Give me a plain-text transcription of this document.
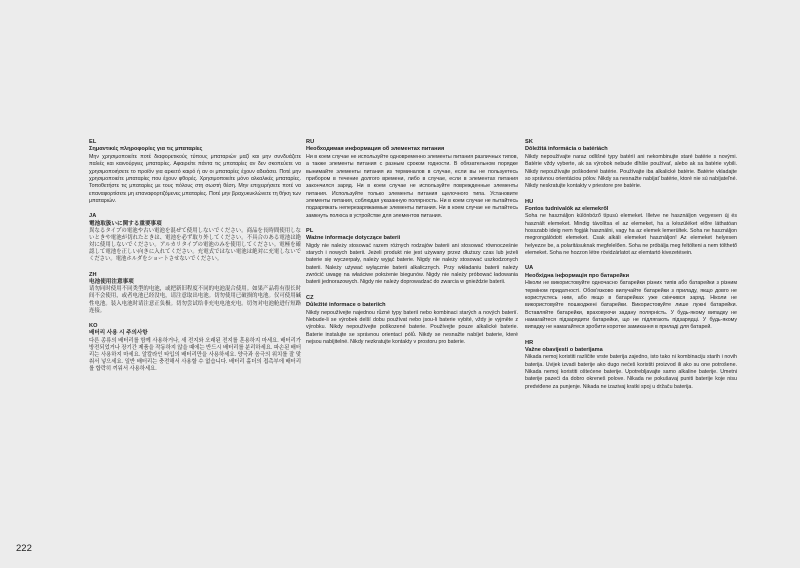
EL
Σημαντικές πληροφορίες για τις μπαταρίες

Μην χρησιμοποιείτε ποτέ διαφορετικούς τύπους μπαταριών μαζί και μην συνδυάζετε παλιές και καινούργιες μπαταρίες. Αφαιρείτε πάντα τις μπαταρίες αν δεν σκοπεύετε να χρησιμοποιήσετε το προϊόν για αρκετό καιρό ή αν οι μπαταρίες έχουν αδειάσει. Ποτέ μην χρησιμοποιείτε μπαταρίες που έχουν φθορές. Χρησιμοποιείτε μόνο αλκαλικές μπαταρίες. Τοποθετήστε τις μπαταρίες με τους πόλους στη σωστή θέση. Μην επιχειρήσετε ποτέ να επαναφορτίσετε μη επαναφορτιζόμενες μπαταρίες. Ποτέ μην βραχυκυκλώνετε τη θήκη των μπαταριών.

JA
電池取扱いに関する重要事項

異なるタイプの電池や古い電池を混ぜて使用しないでください。商品を長時間使用しないときや電池が切れたときは、電池を必ず取り外してください。不具合のある電池は絶対に使用しないでください。アルカリタイプの電池のみを使用してください。電極を確認して電池を正しい向きに入れてください。充電式ではない電池は絶対に充電しないでください。電池ホルダをショートさせないでください。

ZH
电池使用注意事项

请勿同时使用不同类型的电池，或把新旧程度不同的电池混合使用。如果产品将有很长时间不会使用，或者电池已经没电，请注意取出电池。切勿使用已破损的电池。仅可使用碱性电池。装入电池时请注意正负极。切勿尝试给非充电电池充电。切勿对电池舱进行短路连接。

KO
배터리 사용 시 주의사항

다른 종류의 배터리를 함께 사용하거나, 새 전지와 오래된 전지를 혼용하지 마세요. 배터리가 방전되었거나 장기간 제품을 작동하지 않을 때에는 반드시 배터리를 분리하세요. 파손된 배터리는 사용하지 마세요. 알칼라인 타입의 배터리만을 사용하세요. 양극과 음극의 위치를 잘 맞춰서 넣으세요. 일반 배터리는 충전해서 사용할 수 없습니다. 배터리 홀더의 접촉부에 배터리를 합락히 끼워서 사용하세요.

RU
Необходимая информация об элементах питания

Ни в коем случае не используйте одновременно элементы питания различных типов, а также элементы питания с разным сроком годности. В обязательном порядке вынимайте элементы питания из терминалов в случае, если вы не пользуетесь прибором в течение долгого времени, либо в случае, если в элементах питания закончился заряд. Ни в коем случае не используйте поврежденные элементы питания. Используйте только элементы питания щелочного типа. Установите элементы питания, соблюдая указанную полярность. Ни в коем случае не пытайтесь подзаряжать неперезаряжаемые элементы питания. Ни в коем случае не пытайтесь замкнуть полюса в устройстве для элементов питания.

PL
Ważne informacje dotyczące baterii

Nigdy nie należy stosować razem różnych rodzajów baterii ani stosować równocześnie starych i nowych baterii. Jeżeli produkt nie jest używany przez dłuższy czas lub jeżeli baterie się wyczerpały, należy wyjąć baterie. Nigdy nie należy stosować uszkodzonych baterii. Należy używać wyłącznie baterii alkalicznych. Przy wkładaniu baterii należy zwrócić uwagę na właściwe położenie biegunów. Nigdy nie należy próbować ładowania baterii jednorazowych. Nigdy nie należy doprowadzać do zwarcia w gnieździe baterii.

CZ
Důležité informace o bateriích

Nikdy nepoužívejte najednou různé typy baterií nebo kombinaci starých a nových baterií. Nebude-li se výrobek delší dobu používat nebo jsou-li baterie vybité, vždy je vyjměte z výrobku. Nikdy nepoužívejte poškozené baterie. Používejte pouze alkalické baterie. Baterie instalujte se správnou orientací pólů. Nikdy se nesnažte nabíjet baterie, které nejsou nabíjitelné. Nikdy nezkratujte kontakty v prostoru pro baterie.

SK
Dôležitá informácia o batériách

Nikdy nepoužívajte naraz odlišné typy batérií ani nekombinujte staré batérie s novými. Batérie vždy vyberte, ak sa výrobok nebude dlhšie používať, alebo ak sa batérie vybili. Nikdy nepoužívajte poškodené batérie. Používajte iba alkalické batérie. Batérie vkladajte so správnou orientáciou pólov. Nikdy sa nesnažte nabíjať batérie, ktoré nie sú nabíjateľné. Nikdy neskratujte kontakty v priestore pre batérie.

HU
Fontos tudnivalók az elemekről

Soha ne használjon különböző típusú elemeket. Illetve ne használjon vegyesen új és használt elemeket. Mindig távolítsa el az elemeket, ha a készüléket előre láthatóan hosszabb ideig nem fogják használni, vagy ha az elemek lemerültek. Soha ne használjon megrongálódott elemeket. Csak alkáli elemeket használjon! Az elemeket helyesen helyezze be, a polaritásuknak megfelelően. Soha ne próbálja meg feltölteni a nem tölthető elemeket. Soha ne hozzon létre rövidzárlatot az elemtartó kivezetésein.

UA
Необхідна інформація про батарейки

Ніколи не використовуйте одночасно батарейки різних типів або батарейки з різним терміном придатності. Обов'язково вилучайте батарейки з приладу, якщо довго не користуєтесь ним, або якщо в батарейках уже скінчився заряд. Ніколи не використовуйте пошкоджені батарейки. Використовуйте лише лужні батарейки. Вставляйте батарейки, враховуючи задану полярність. У будь-якому випадку не намагайтеся підзарядити батарейки, що не підлягають підзарядці. У будь-якому випадку не намагайтеся зробити коротке замикання в приладі для батарей.

HR
Važne obavijesti o baterijama

Nikada nemoj koristiti različite vrste baterija zajedno, isto tako ni kombinaciju starih i novih baterija. Uvijek izvadi baterije ako dugo nećeš koristiti proizvod ili ako su one potrošene. Nikada nemoj koristiti oštećene baterije. Upotrebljavajte samo alkaline baterije. Umetni baterije pazeći da dobro okreneš polove. Nikada ne pokušavaj puniti baterije koje nisu predviđene za punjenje. Nikada ne izazivaj kratki spoj u držaču baterija.

222
